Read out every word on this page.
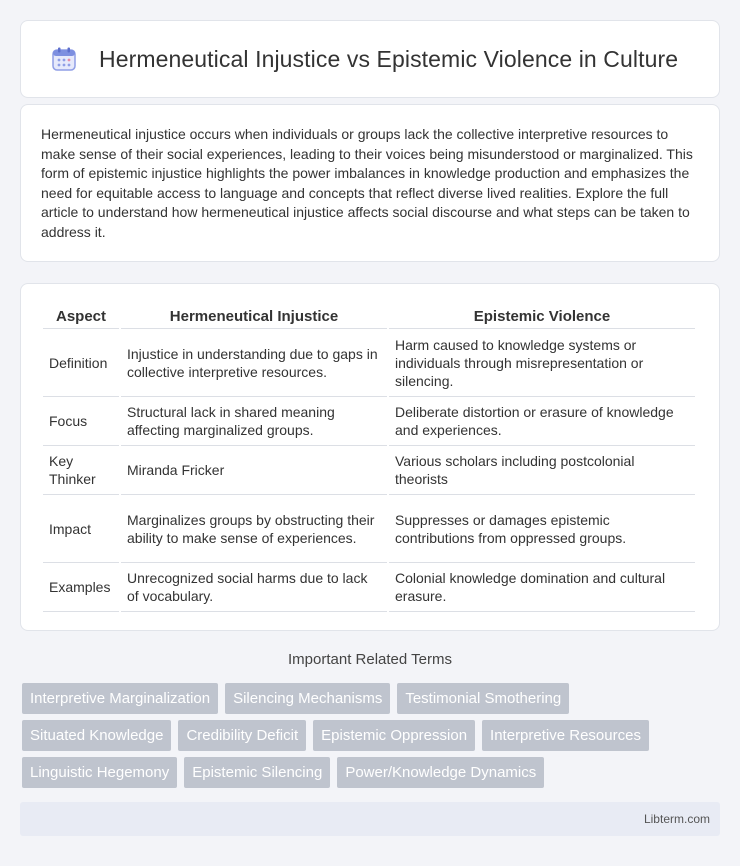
Hermeneutical Injustice vs Epistemic Violence in Culture

Hermeneutical injustice occurs when individuals or groups lack the collective interpretive resources to make sense of their social experiences, leading to their voices being misunderstood or marginalized. This form of epistemic injustice highlights the power imbalances in knowledge production and emphasizes the need for equitable access to language and concepts that reflect diverse lived realities. Explore the full article to understand how hermeneutical injustice affects social discourse and what steps can be taken to address it.

Aspect	Hermeneutical Injustice	Epistemic Violence
Definition	Injustice in understanding due to gaps in collective interpretive resources.	Harm caused to knowledge systems or individuals through misrepresentation or silencing.
Focus	Structural lack in shared meaning affecting marginalized groups.	Deliberate distortion or erasure of knowledge and experiences.
Key Thinker	Miranda Fricker	Various scholars including postcolonial theorists
Impact	Marginalizes groups by obstructing their ability to make sense of experiences.	Suppresses or damages epistemic contributions from oppressed groups.
Examples	Unrecognized social harms due to lack of vocabulary.	Colonial knowledge domination and cultural erasure.
Important Related Terms
Interpretive Marginalization	Silencing Mechanisms	Testimonial Smothering
Situated Knowledge	Credibility Deficit	Epistemic Oppression	Interpretive Resources
Linguistic Hegemony	Epistemic Silencing	Power/Knowledge Dynamics
Libterm.com
